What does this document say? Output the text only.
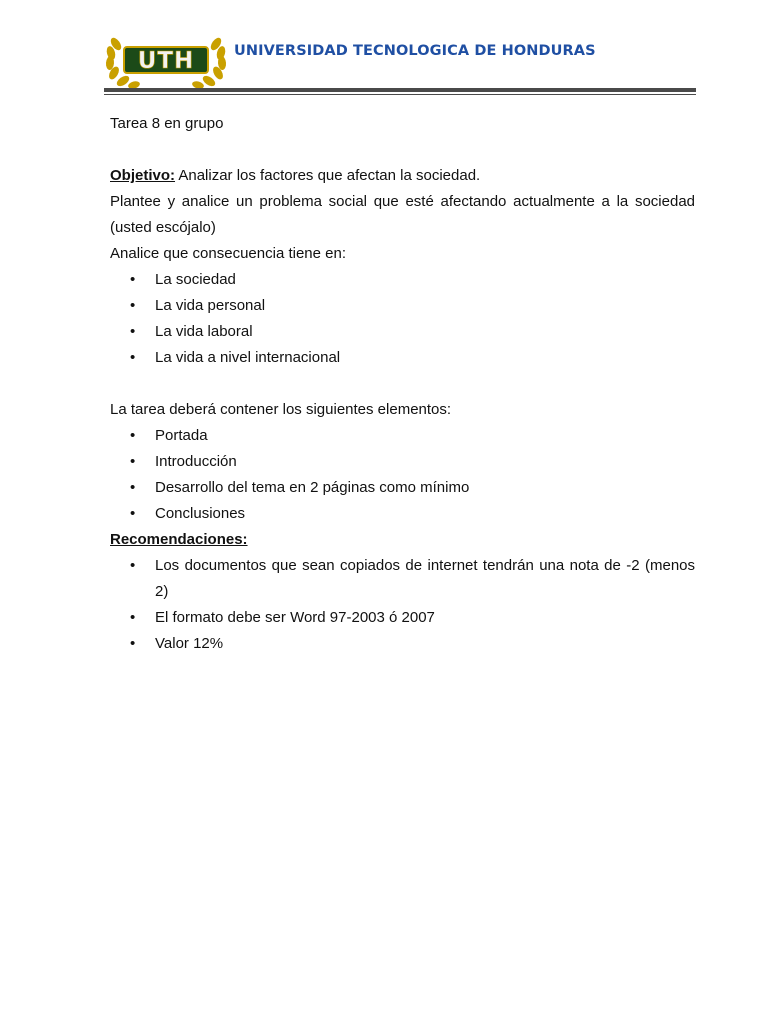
UTH	UNIVERSIDAD TECNOLOGICA DE HONDURAS

Tarea 8 en grupo

Objetivo: Analizar los factores que afectan la sociedad.

Plantee y analice un problema social que esté afectando actualmente a la sociedad (usted escójalo)

Analice que consecuencia tiene en:

• La sociedad
• La vida personal
• La vida laboral
• La vida a nivel internacional

La tarea deberá contener los siguientes elementos:

• Portada
• Introducción
• Desarrollo del tema en 2 páginas como mínimo
• Conclusiones

Recomendaciones:

• Los documentos que sean copiados de internet tendrán una nota de -2 (menos 2)
• El formato debe ser Word 97-2003 ó 2007
• Valor 12%
